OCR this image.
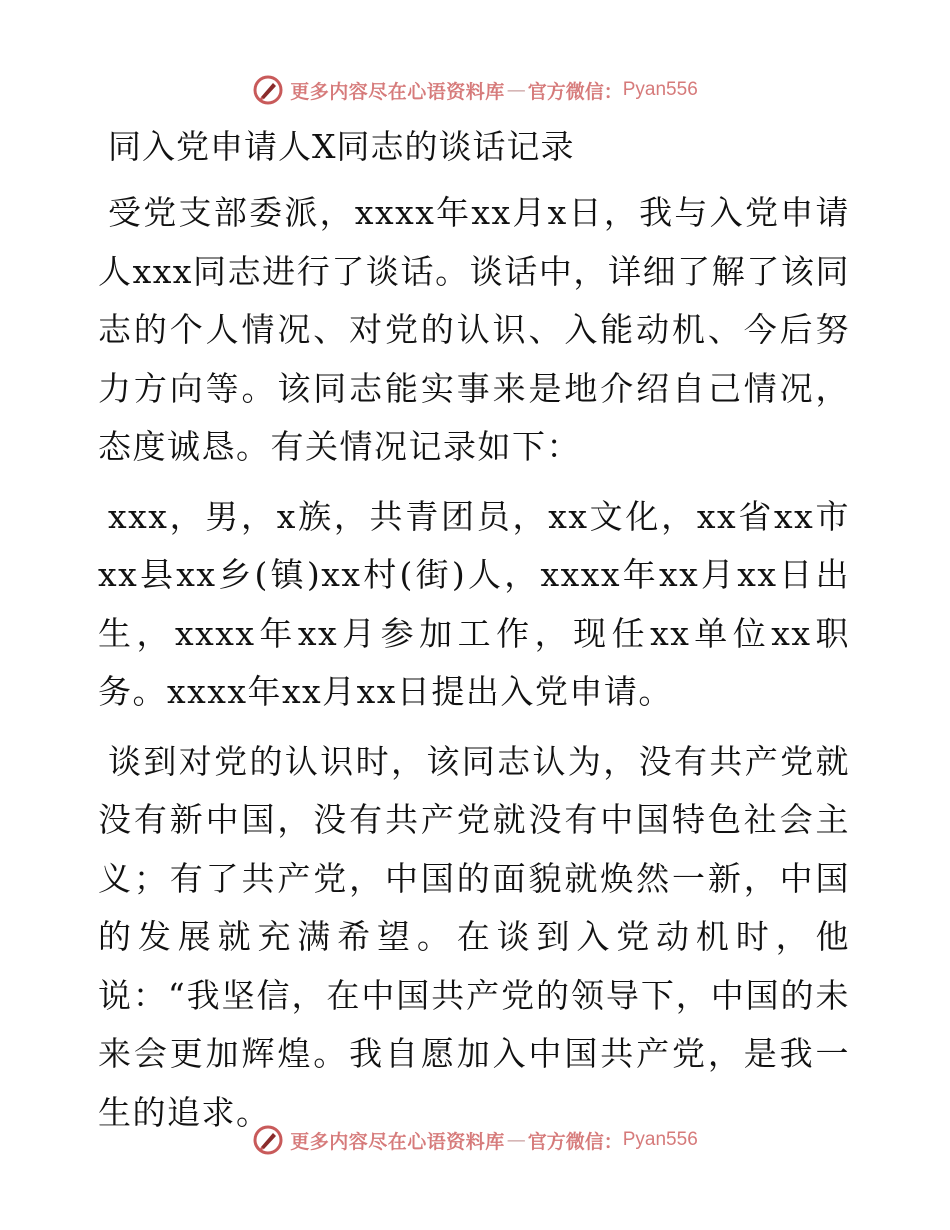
更多内容尽在心语资料库 — 官方微信： Pyan556
同入党申请人X同志的谈话记录

受党支部委派，xxxx年xx月x日，我与入党申请人xxx同志进行了谈话。谈话中，详细了解了该同志的个人情况、对党的认识、入能动机、今后努力方向等。该同志能实事来是地介绍自己情况，态度诚恳。有关情况记录如下：

xxx，男，x族，共青团员，xx文化，xx省xx市xx县xx乡(镇)xx村(街)人，xxxx年xx月xx日出生，xxxx年xx月参加工作，现任xx单位xx职务。xxxx年xx月xx日提出入党申请。

谈到对党的认识时，该同志认为，没有共产党就没有新中国，没有共产党就没有中国特色社会主义；有了共产党，中国的面貌就焕然一新，中国的发展就充满希望。在谈到入党动机时，他说：“我坚信，在中国共产党的领导下，中国的未来会更加辉煌。我自愿加入中国共产党，是我一生的追求。

更多内容尽在心语资料库 — 官方微信： Pyan556
